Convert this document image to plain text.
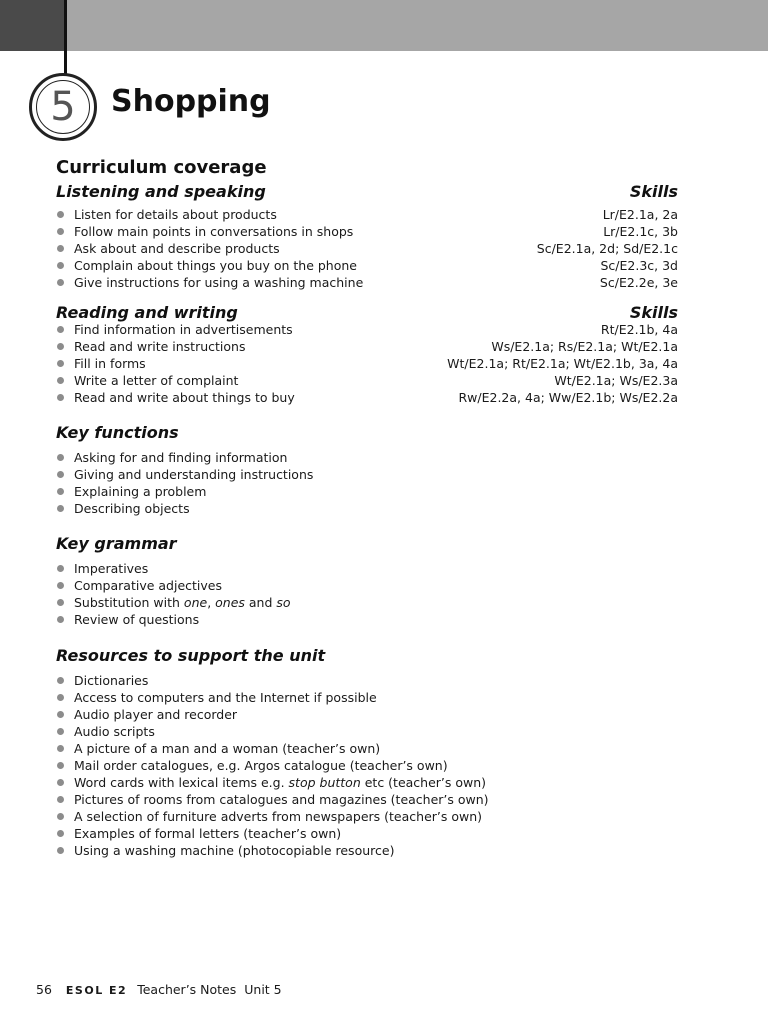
5	Shopping
Curriculum coverage
Listening and speaking	Skills
Listen for details about products	Lr/E2.1a, 2a
Follow main points in conversations in shops	Lr/E2.1c, 3b
Ask about and describe products	Sc/E2.1a, 2d; Sd/E2.1c
Complain about things you buy on the phone	Sc/E2.3c, 3d
Give instructions for using a washing machine	Sc/E2.2e, 3e
Reading and writing	Skills
Find information in advertisements	Rt/E2.1b, 4a
Read and write instructions	Ws/E2.1a; Rs/E2.1a; Wt/E2.1a
Fill in forms	Wt/E2.1a; Rt/E2.1a; Wt/E2.1b, 3a, 4a
Write a letter of complaint	Wt/E2.1a; Ws/E2.3a
Read and write about things to buy	Rw/E2.2a, 4a; Ww/E2.1b; Ws/E2.2a
Key functions
Asking for and finding information
Giving and understanding instructions
Explaining a problem
Describing objects
Key grammar
Imperatives
Comparative adjectives
Substitution with one, ones and so
Review of questions
Resources to support the unit
Dictionaries
Access to computers and the Internet if possible
Audio player and recorder
Audio scripts
A picture of a man and a woman (teacher’s own)
Mail order catalogues, e.g. Argos catalogue (teacher’s own)
Word cards with lexical items e.g. stop button etc (teacher’s own)
Pictures of rooms from catalogues and magazines (teacher’s own)
A selection of furniture adverts from newspapers (teacher’s own)
Examples of formal letters (teacher’s own)
Using a washing machine (photocopiable resource)
56 ESOL E2 Teacher’s Notes Unit 5
